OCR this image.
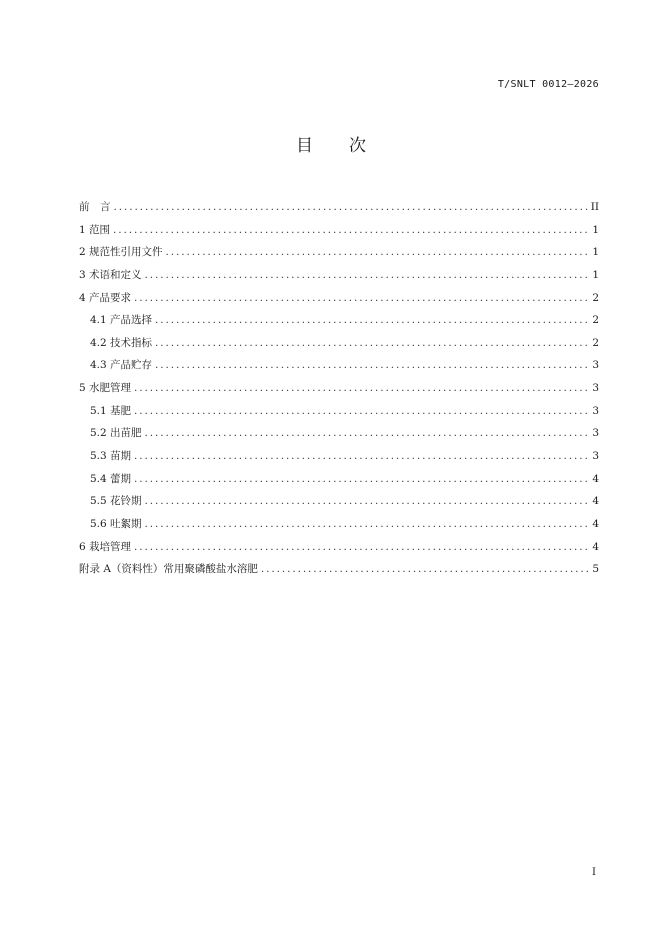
T/SNLT 0012—2026
目次
前　言 .....	II
1 范围 .....	1
2 规范性引用文件 .....	1
3 术语和定义 .....	1
4 产品要求 .....	2
4.1 产品选择 .....	2
4.2 技术指标 .....	2
4.3 产品贮存 .....	3
5 水肥管理 .....	3
5.1 基肥 .....	3
5.2 出苗肥 .....	3
5.3 苗期 .....	3
5.4 蕾期 .....	4
5.5 花铃期 .....	4
5.6 吐絮期 .....	4
6 栽培管理 .....	4
附录 A（资料性）常用聚磷酸盐水溶肥 .....	5
I
